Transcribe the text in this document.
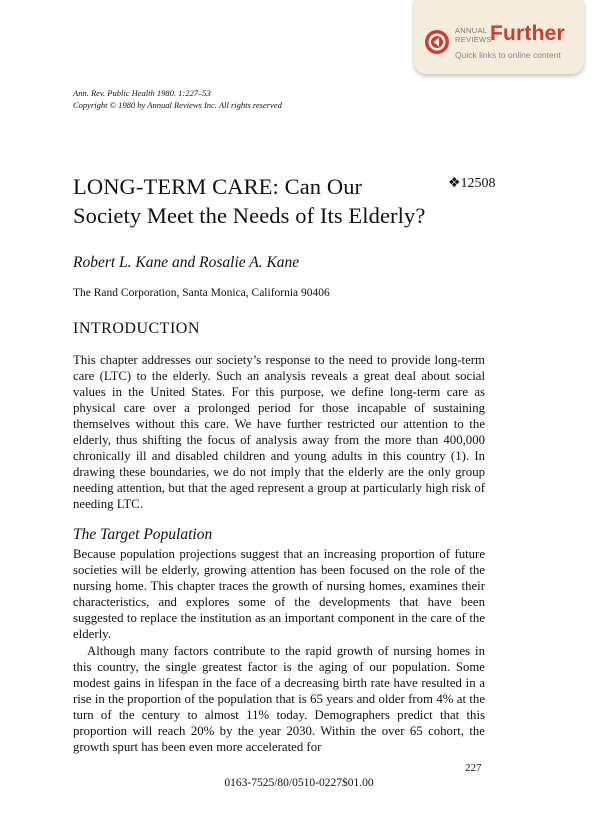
ANNUAL
REVIEWS
Further
Quick links to online content
Ann. Rev. Public Health 1980. 1:227–53
Copyright © 1980 by Annual Reviews Inc. All rights reserved
LONG-TERM CARE: Can Our
Society Meet the Needs of Its Elderly?
❖12508
Robert L. Kane and Rosalie A. Kane
The Rand Corporation, Santa Monica, California 90406
INTRODUCTION

This chapter addresses our society’s response to the need to provide long-term care (LTC) to the elderly. Such an analysis reveals a great deal about social values in the United States. For this purpose, we define long-term care as physical care over a prolonged period for those incapable of sustaining themselves without this care. We have further restricted our attention to the elderly, thus shifting the focus of analysis away from the more than 400,000 chronically ill and disabled children and young adults in this country (1). In drawing these boundaries, we do not imply that the elderly are the only group needing attention, but that the aged represent a group at particularly high risk of needing LTC.

The Target Population

Because population projections suggest that an increasing proportion of future societies will be elderly, growing attention has been focused on the role of the nursing home. This chapter traces the growth of nursing homes, examines their characteristics, and explores some of the developments that have been suggested to replace the institution as an important component in the care of the elderly.

Although many factors contribute to the rapid growth of nursing homes in this country, the single greatest factor is the aging of our population. Some modest gains in lifespan in the face of a decreasing birth rate have resulted in a rise in the proportion of the population that is 65 years and older from 4% at the turn of the century to almost 11% today. Demographers predict that this proportion will reach 20% by the year 2030. Within the over 65 cohort, the growth spurt has been even more accelerated for

227
0163-7525/80/0510-0227$01.00
